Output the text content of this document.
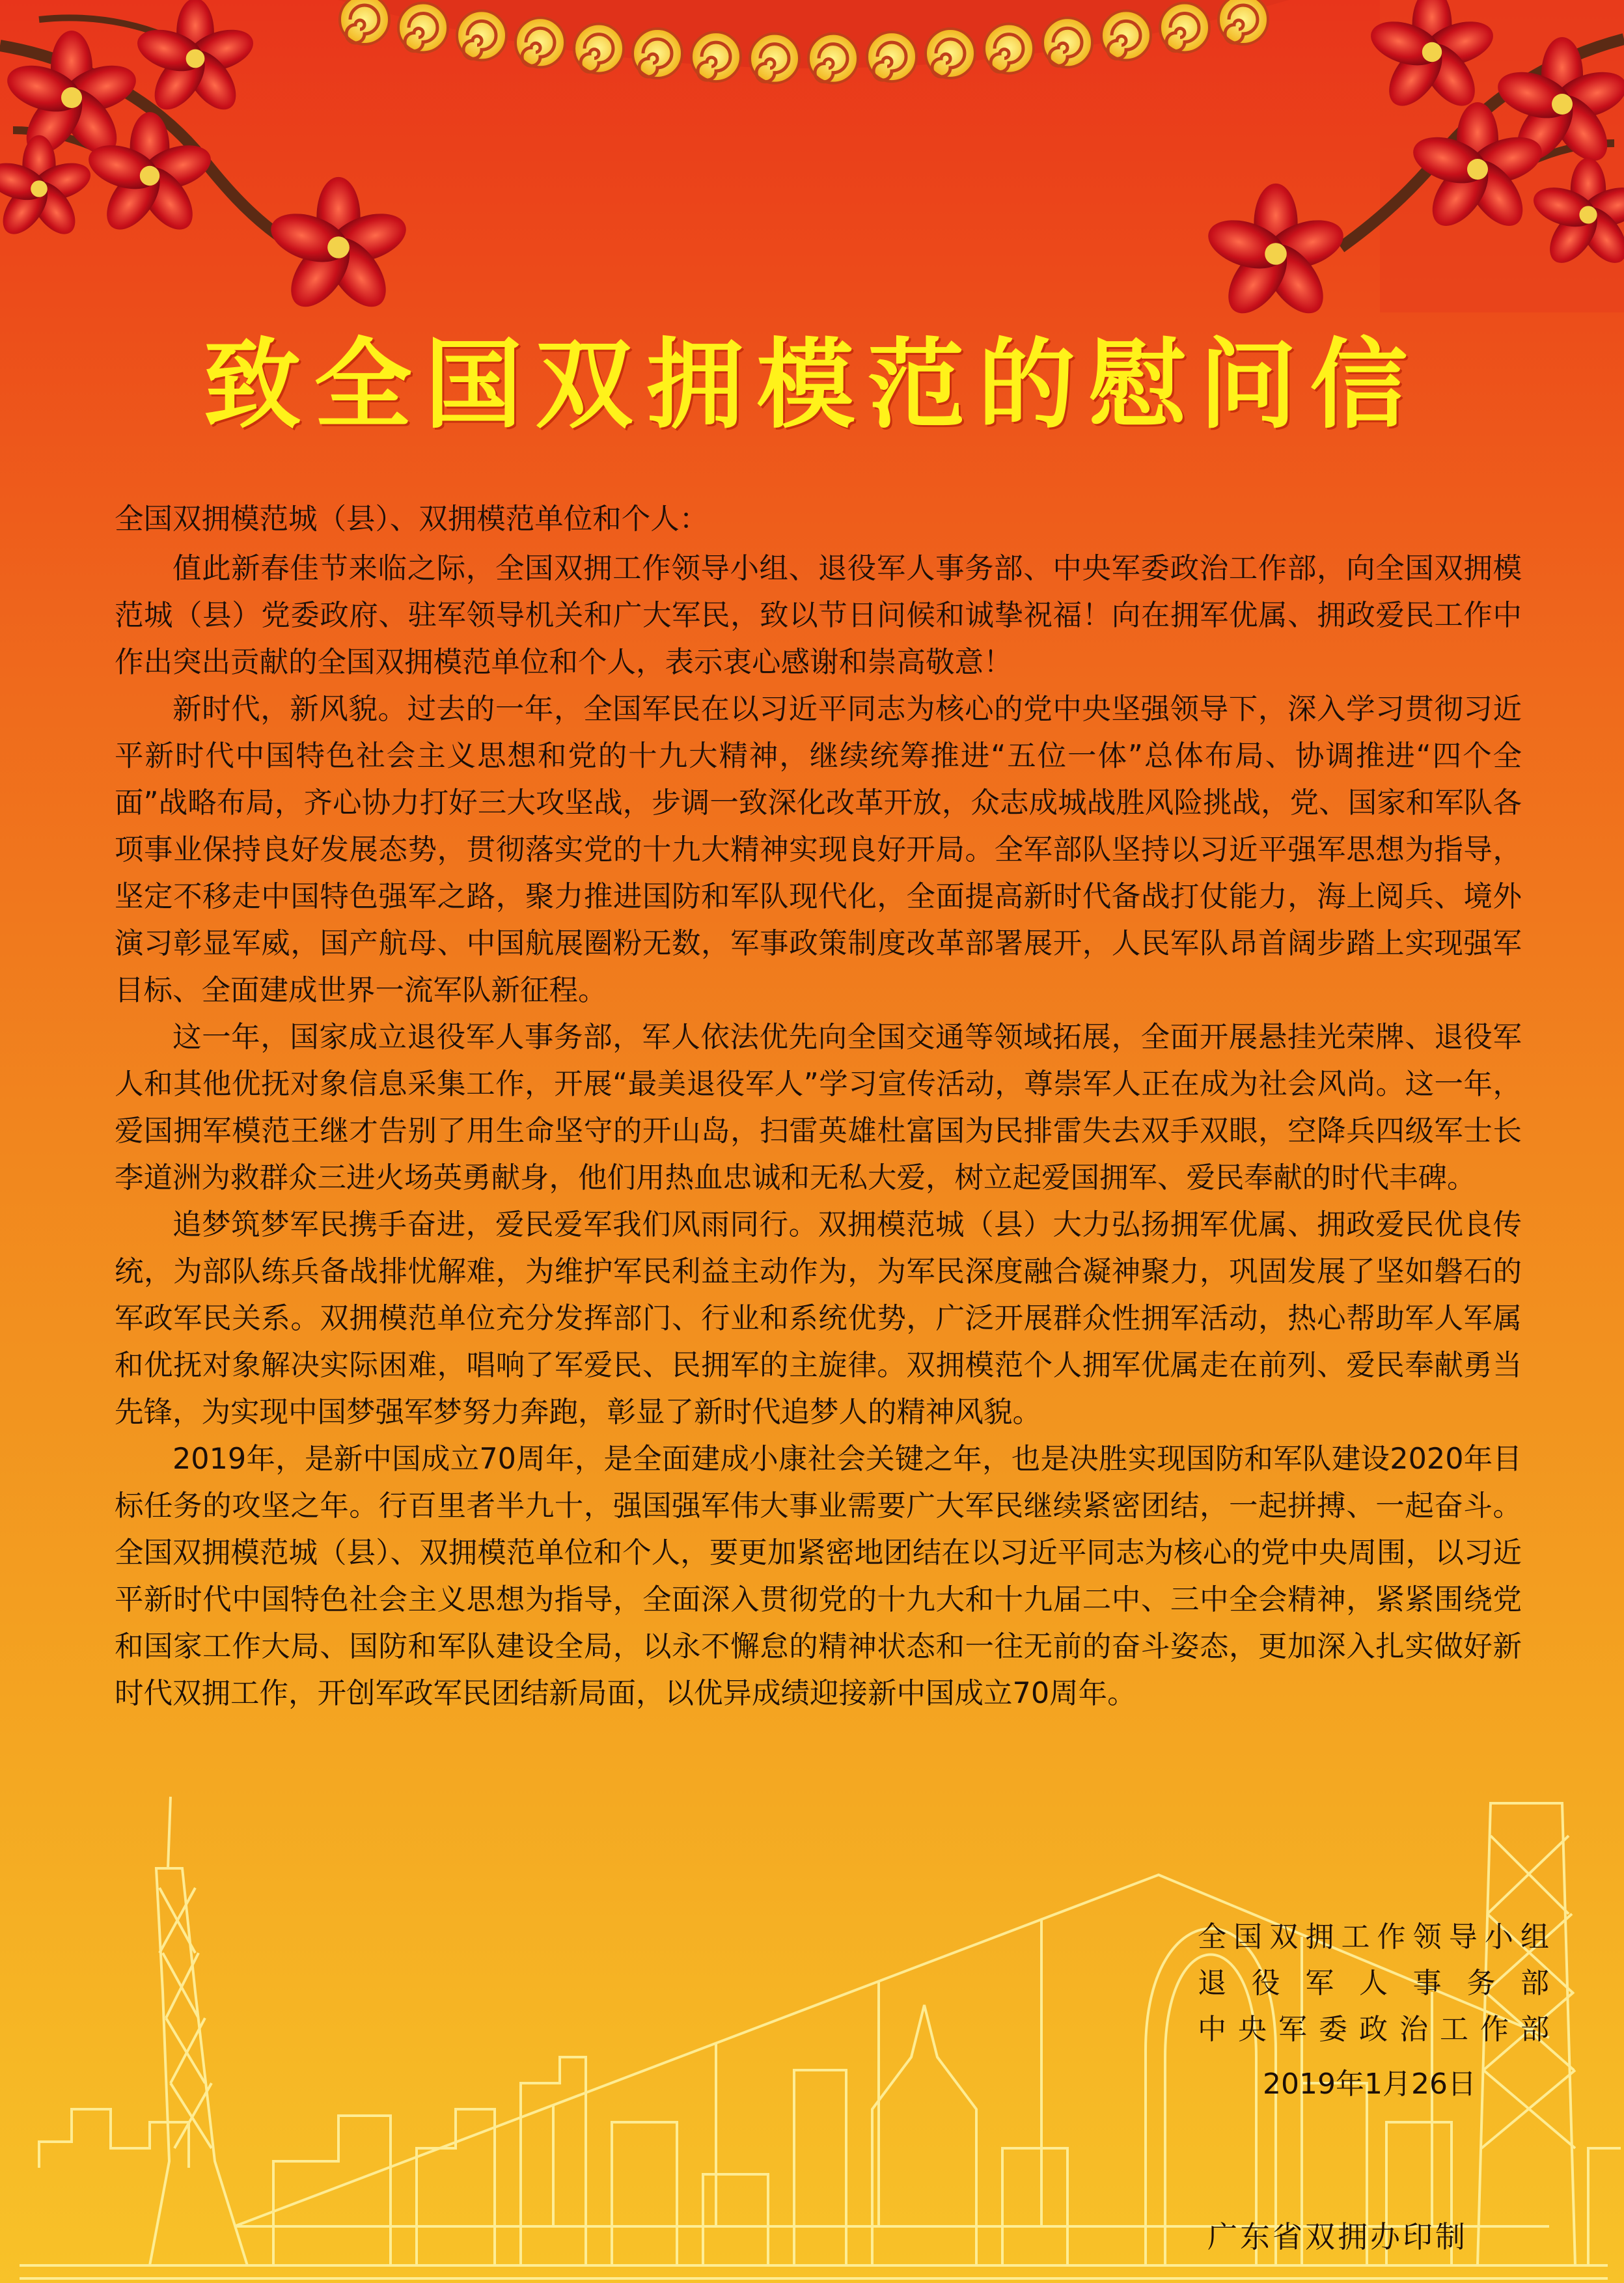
致全国双拥模范的慰问信

全国双拥模范城（县）、双拥模范单位和个人：

值此新春佳节来临之际，全国双拥工作领导小组、退役军人事务部、中央军委政治工作部，向全国双拥模范城（县）党委政府、驻军领导机关和广大军民，致以节日问候和诚挚祝福！向在拥军优属、拥政爱民工作中作出突出贡献的全国双拥模范单位和个人，表示衷心感谢和崇高敬意！

新时代，新风貌。过去的一年，全国军民在以习近平同志为核心的党中央坚强领导下，深入学习贯彻习近平新时代中国特色社会主义思想和党的十九大精神，继续统筹推进“五位一体”总体布局、协调推进“四个全面”战略布局，齐心协力打好三大攻坚战，步调一致深化改革开放，众志成城战胜风险挑战，党、国家和军队各项事业保持良好发展态势，贯彻落实党的十九大精神实现良好开局。全军部队坚持以习近平强军思想为指导，坚定不移走中国特色强军之路，聚力推进国防和军队现代化，全面提高新时代备战打仗能力，海上阅兵、境外演习彰显军威，国产航母、中国航展圈粉无数，军事政策制度改革部署展开，人民军队昂首阔步踏上实现强军目标、全面建成世界一流军队新征程。

这一年，国家成立退役军人事务部，军人依法优先向全国交通等领域拓展，全面开展悬挂光荣牌、退役军人和其他优抚对象信息采集工作，开展“最美退役军人”学习宣传活动，尊崇军人正在成为社会风尚。这一年，爱国拥军模范王继才告别了用生命坚守的开山岛，扫雷英雄杜富国为民排雷失去双手双眼，空降兵四级军士长李道洲为救群众三进火场英勇献身，他们用热血忠诚和无私大爱，树立起爱国拥军、爱民奉献的时代丰碑。

追梦筑梦军民携手奋进，爱民爱军我们风雨同行。双拥模范城（县）大力弘扬拥军优属、拥政爱民优良传统，为部队练兵备战排忧解难，为维护军民利益主动作为，为军民深度融合凝神聚力，巩固发展了坚如磐石的军政军民关系。双拥模范单位充分发挥部门、行业和系统优势，广泛开展群众性拥军活动，热心帮助军人军属和优抚对象解决实际困难，唱响了军爱民、民拥军的主旋律。双拥模范个人拥军优属走在前列、爱民奉献勇当先锋，为实现中国梦强军梦努力奔跑，彰显了新时代追梦人的精神风貌。

2019年，是新中国成立70周年，是全面建成小康社会关键之年，也是决胜实现国防和军队建设2020年目标任务的攻坚之年。行百里者半九十，强国强军伟大事业需要广大军民继续紧密团结，一起拼搏、一起奋斗。全国双拥模范城（县）、双拥模范单位和个人，要更加紧密地团结在以习近平同志为核心的党中央周围，以习近平新时代中国特色社会主义思想为指导，全面深入贯彻党的十九大和十九届二中、三中全会精神，紧紧围绕党和国家工作大局、国防和军队建设全局，以永不懈怠的精神状态和一往无前的奋斗姿态，更加深入扎实做好新时代双拥工作，开创军政军民团结新局面，以优异成绩迎接新中国成立70周年。

全国双拥工作领导小组
退役军人事务部
中央军委政治工作部
2019年1月26日
广东省双拥办印制
